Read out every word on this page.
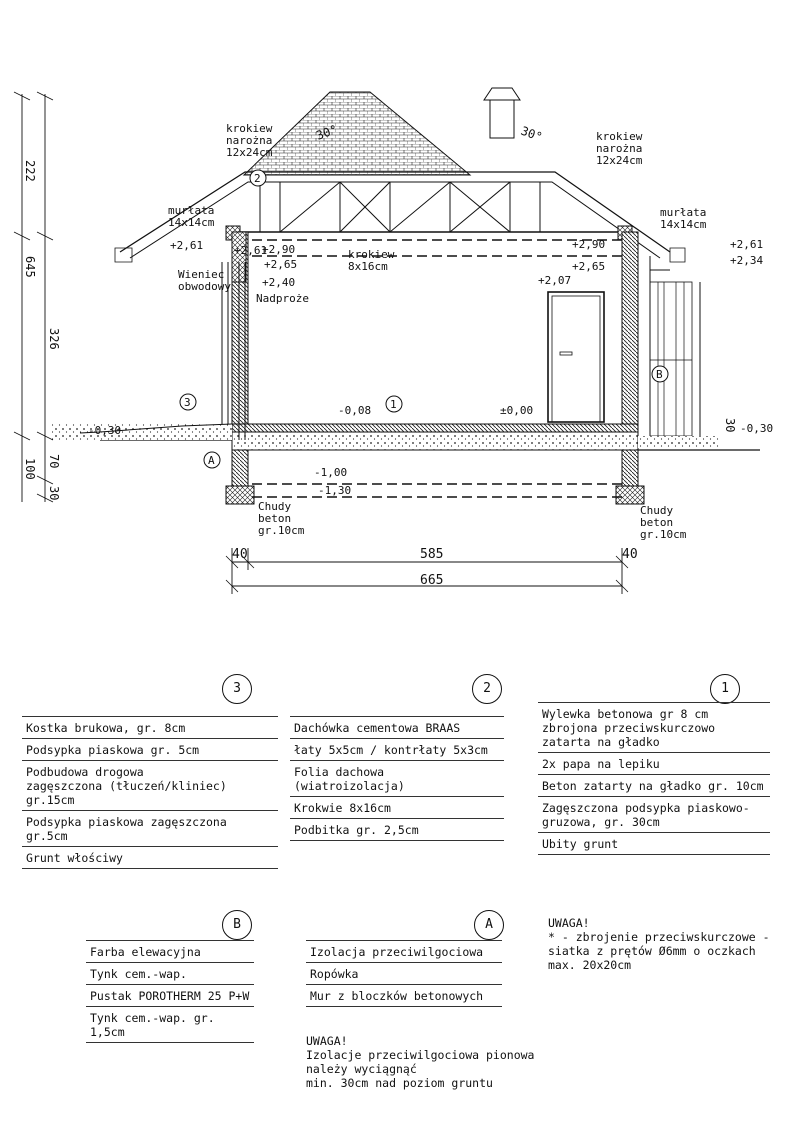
30°	30°
+2,61
+2,61	+2,90	+2,90
+2,65	+2,65
+2,40
+2,61
+2,34
+2,07
-0,08	±0,00
-0,30	-0,30
-1,00
-1,30
Wieniec obwodowy
Nadproże
murłata 14x14cm
murłata 14x14cm
krokiew narożna 12x24cm
krokiew narożna 12x24cm
krokiew 8x16cm
Chudy beton gr.10cm
Chudy beton gr.10cm
222
645
326
100 70
30
30
40	585	40
665
2
1
3
A
B
1
Wylewka betonowa gr 8 cm
zbrojona przeciwskurczowo
zatarta na gładko
2x papa na lepiku
Beton zatarty na gładko gr. 10cm
Zagęszczona podsypka piaskowo-
gruzowa, gr. 30cm
Ubity grunt
2
Dachówka cementowa BRAAS
łaty 5x5cm / kontrłaty 5x3cm
Folia dachowa (wiatroizolacja)
Krokwie 8x16cm
Podbitka gr. 2,5cm
3
Kostka brukowa, gr. 8cm
Podsypka piaskowa gr. 5cm
Podbudowa drogowa
zagęszczona (tłuczeń/kliniec) gr.15cm
Podsypka piaskowa zagęszczona gr.5cm
Grunt włościwy
A
Izolacja przeciwilgociowa
Ropówka
Mur z bloczków betonowych
B
Farba elewacyjna
Tynk cem.-wap.
Pustak POROTHERM 25 P+W
Tynk cem.-wap. gr. 1,5cm
UWAGA!
* - zbrojenie przeciwskurczowe -
siatka z prętów Ø6mm o oczkach
max. 20x20cm
UWAGA!
Izolacje przeciwilgociowa pionowa
należy wyciągnąć
min. 30cm nad poziom gruntu
